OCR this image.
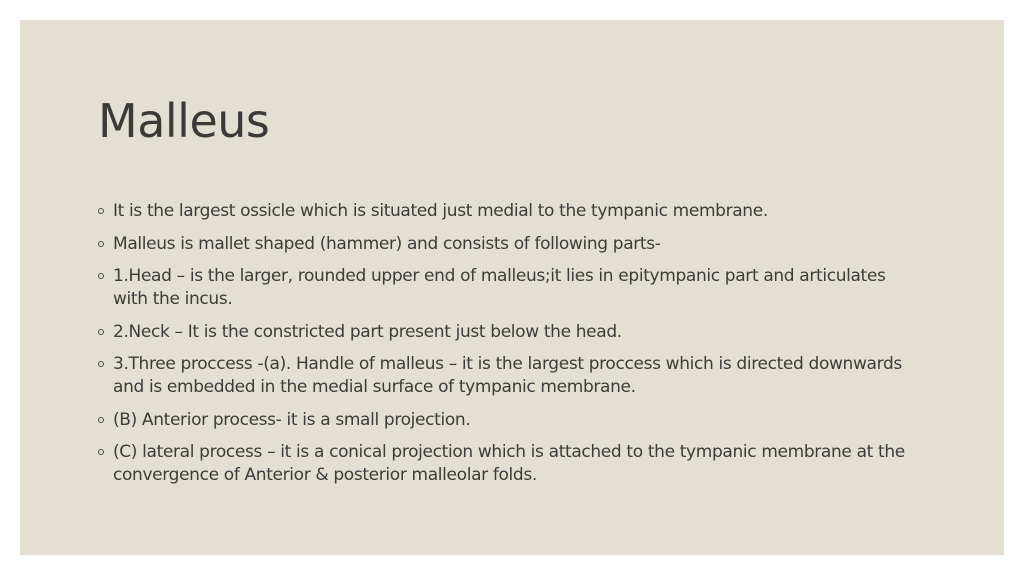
Malleus
It is the largest ossicle which is situated just medial to the tympanic membrane.
Malleus is mallet shaped (hammer) and consists of following parts-
1.Head – is the larger, rounded upper end of malleus;it lies in epitympanic part and articulates with the incus.
2.Neck – It is the constricted part present just below the head.
3.Three proccess -(a). Handle of malleus – it is the largest proccess which is directed downwards and is embedded in the medial surface of tympanic membrane.
(B) Anterior process- it is a small projection.
(C) lateral process – it is a conical projection which is attached to the tympanic membrane at the convergence of Anterior & posterior malleolar folds.
